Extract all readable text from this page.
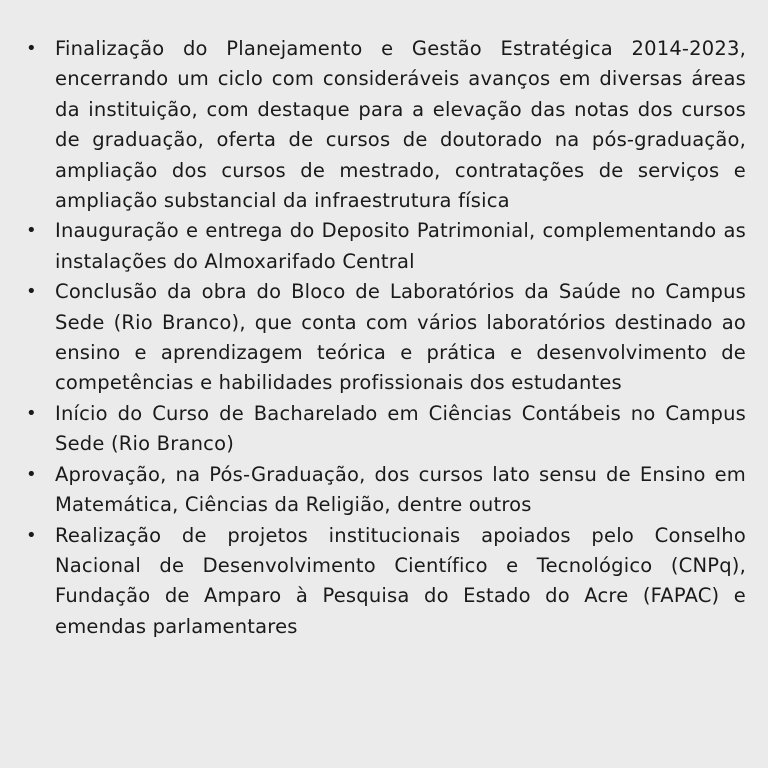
• Finalização do Planejamento e Gestão Estratégica 2014-2023, encerrando um ciclo com consideráveis avanços em diversas áreas da instituição, com destaque para a elevação das notas dos cursos de graduação, oferta de cursos de doutorado na pós-graduação, ampliação dos cursos de mestrado, contratações de serviços e ampliação substancial da infraestrutura física
• Inauguração e entrega do Deposito Patrimonial, complementando as instalações do Almoxarifado Central
• Conclusão da obra do Bloco de Laboratórios da Saúde no Campus Sede (Rio Branco), que conta com vários laboratórios destinado ao ensino e aprendizagem teórica e prática e desenvolvimento de competências e habilidades profissionais dos estudantes
• Início do Curso de Bacharelado em Ciências Contábeis no Campus Sede (Rio Branco)
• Aprovação, na Pós-Graduação, dos cursos lato sensu de Ensino em Matemática, Ciências da Religião, dentre outros
• Realização de projetos institucionais apoiados pelo Conselho Nacional de Desenvolvimento Científico e Tecnológico (CNPq), Fundação de Amparo à Pesquisa do Estado do Acre (FAPAC) e emendas parlamentares
